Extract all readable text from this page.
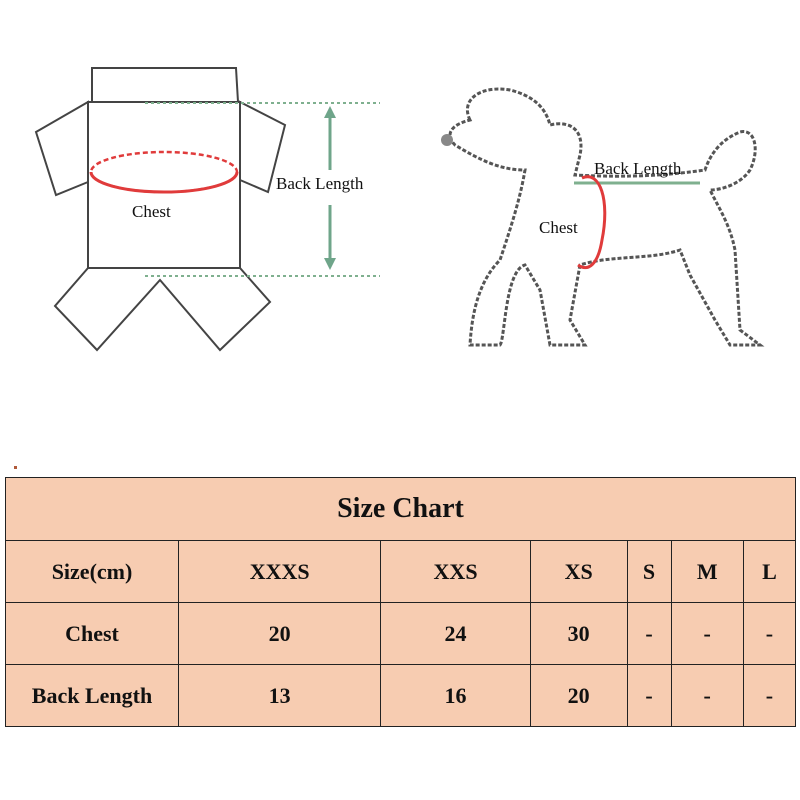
Chest
Back Length
Back Length
Chest
Size Chart						
Size(cm)	XXXS	XXS	XS	S	M	L
Chest	20	24	30	-	-	-
Back Length	13	16	20	-	-	-
